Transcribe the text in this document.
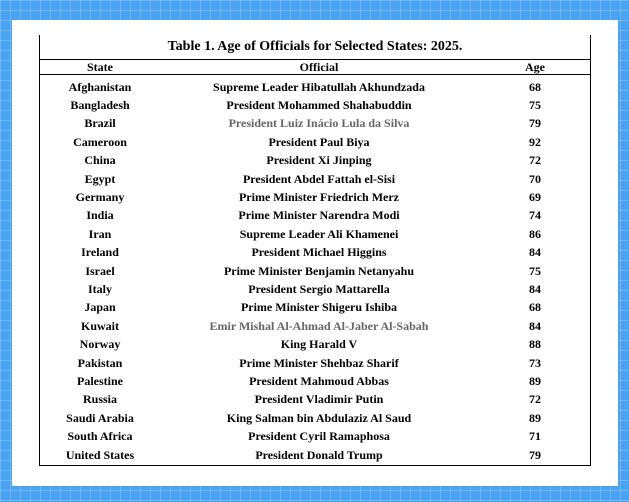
Table 1. Age of Officials for Selected States: 2025.
State	Official	Age
Afghanistan	Supreme Leader Hibatullah Akhundzada	68
Bangladesh	President Mohammed Shahabuddin	75
Brazil	President Luiz Inácio Lula da Silva	79
Cameroon	President Paul Biya	92
China	President Xi Jinping	72
Egypt	President Abdel Fattah el-Sisi	70
Germany	Prime Minister Friedrich Merz	69
India	Prime Minister Narendra Modi	74
Iran	Supreme Leader Ali Khamenei	86
Ireland	President Michael Higgins	84
Israel	Prime Minister Benjamin Netanyahu	75
Italy	President Sergio Mattarella	84
Japan	Prime Minister Shigeru Ishiba	68
Kuwait	Emir Mishal Al-Ahmad Al-Jaber Al-Sabah	84
Norway	King Harald V	88
Pakistan	Prime Minister Shehbaz Sharif	73
Palestine	President Mahmoud Abbas	89
Russia	President Vladimir Putin	72
Saudi Arabia	King Salman bin Abdulaziz Al Saud	89
South Africa	President Cyril Ramaphosa	71
United States	President Donald Trump	79
